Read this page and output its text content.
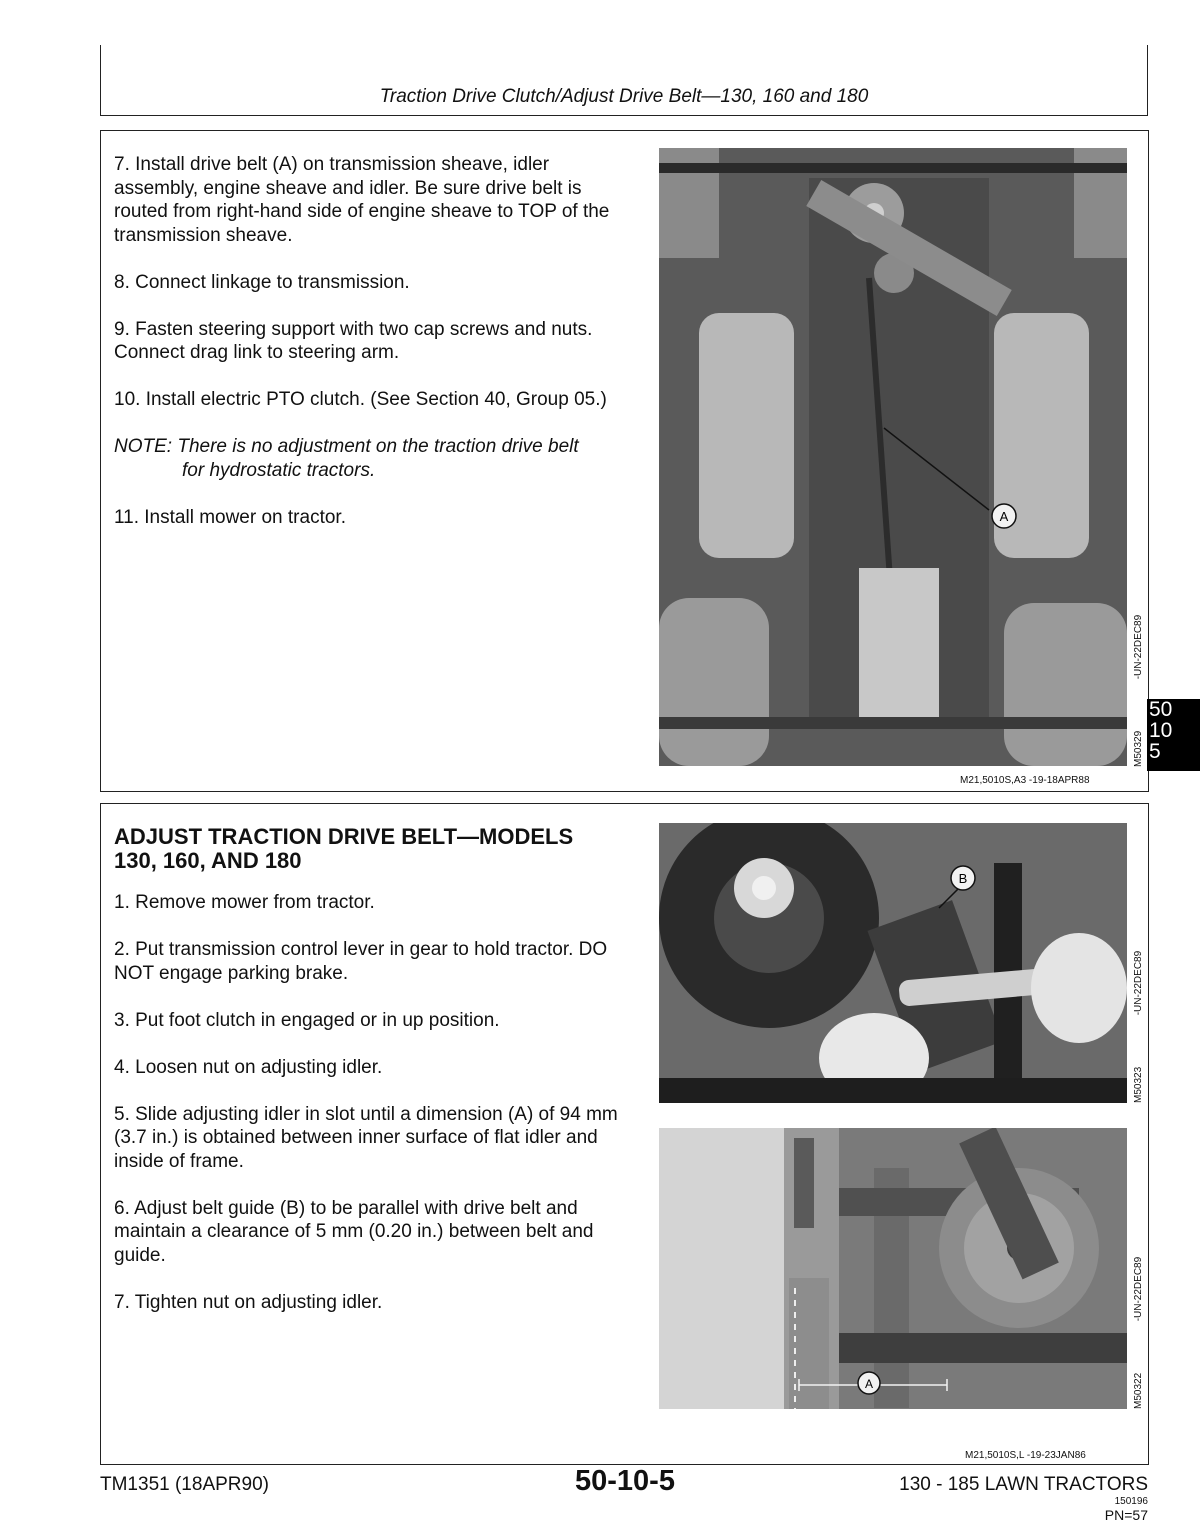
Traction Drive Clutch/Adjust Drive Belt—130, 160 and 180

7. Install drive belt (A) on transmission sheave, idler assembly, engine sheave and idler. Be sure drive belt is routed from right-hand side of engine sheave to TOP of the transmission sheave.

8. Connect linkage to transmission.

9. Fasten steering support with two cap screws and nuts. Connect drag link to steering arm.

10. Install electric PTO clutch. (See Section 40, Group 05.)

NOTE: There is no adjustment on the traction drive belt
for hydrostatic tractors.

11. Install mower on tractor.	A
M50329  -UN-22DEC89
M21,5010S,A3 -19-18APR88
50
10
5
ADJUST TRACTION DRIVE BELT—MODELS
130, 160, AND 180

1. Remove mower from tractor.

2. Put transmission control lever in gear to hold tractor. DO NOT engage parking brake.

3. Put foot clutch in engaged or in up position.

4. Loosen nut on adjusting idler.

5. Slide adjusting idler in slot until a dimension (A) of 94 mm (3.7 in.) is obtained between inner surface of flat idler and inside of frame.

6. Adjust belt guide (B) to be parallel with drive belt and maintain a clearance of 5 mm (0.20 in.) between belt and guide.

7. Tighten nut on adjusting idler.

B
M50323  -UN-22DEC89
A	M50322  -UN-22DEC89
M21,5010S,L -19-23JAN86
TM1351 (18APR90)	50-10-5	130 - 185 LAWN TRACTORS
150196
PN=57
